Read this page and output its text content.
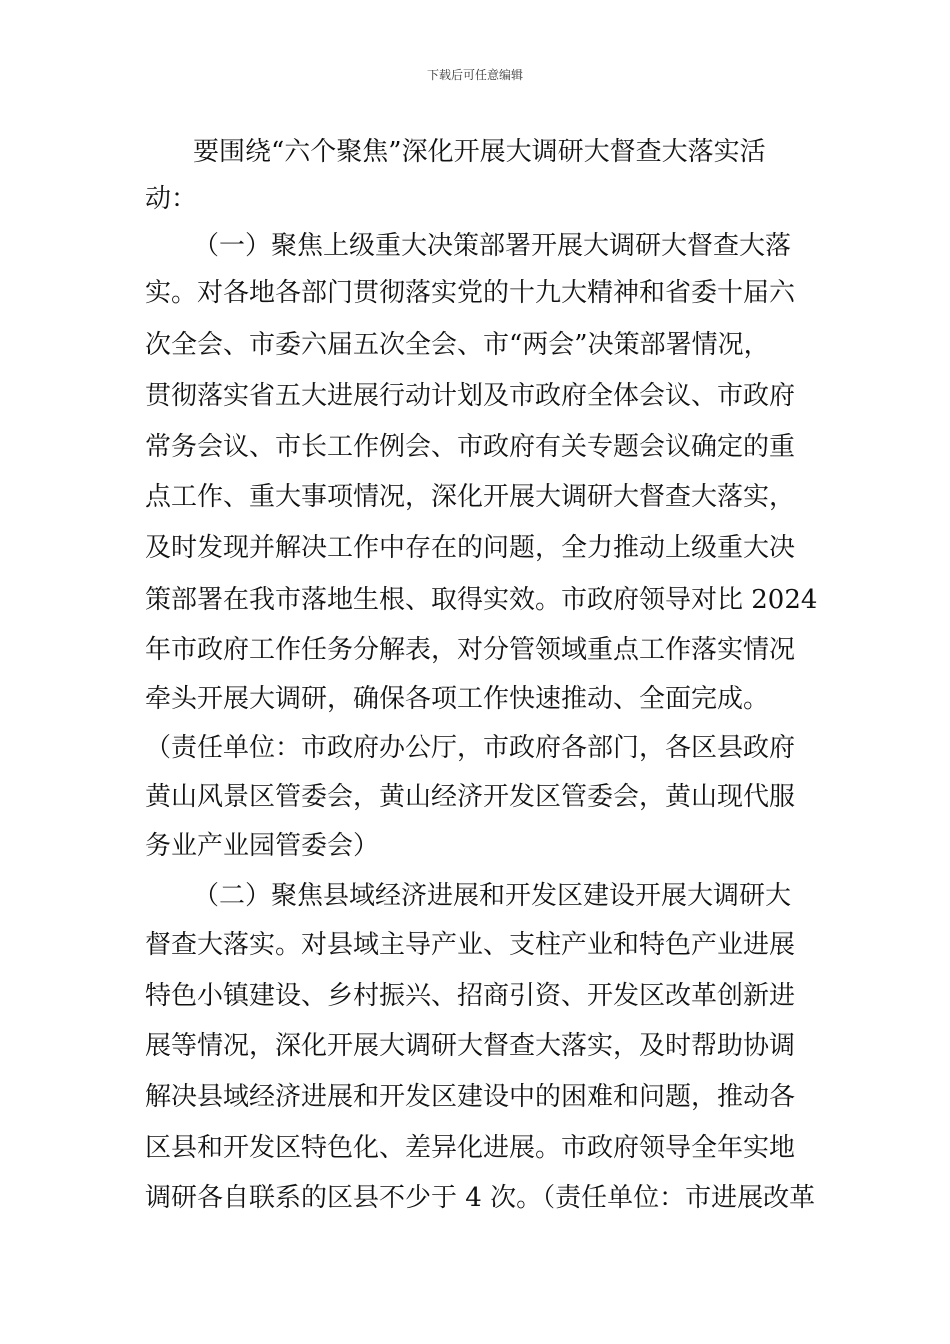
下载后可任意编辑
要围绕“六个聚焦”深化开展大调研大督查大落实活
动：
（一）聚焦上级重大决策部署开展大调研大督查大落
实。对各地各部门贯彻落实党的十九大精神和省委十届六
次全会、市委六届五次全会、市“两会”决策部署情况，
贯彻落实省五大进展行动计划及市政府全体会议、市政府
常务会议、市长工作例会、市政府有关专题会议确定的重
点工作、重大事项情况，深化开展大调研大督查大落实，
及时发现并解决工作中存在的问题，全力推动上级重大决
策部署在我市落地生根、取得实效。市政府领导对比 2024
年市政府工作任务分解表，对分管领域重点工作落实情况
牵头开展大调研，确保各项工作快速推动、全面完成。
（责任单位：市政府办公厅，市政府各部门，各区县政府
黄山风景区管委会，黄山经济开发区管委会，黄山现代服
务业产业园管委会）
（二）聚焦县域经济进展和开发区建设开展大调研大
督查大落实。对县域主导产业、支柱产业和特色产业进展
特色小镇建设、乡村振兴、招商引资、开发区改革创新进
展等情况，深化开展大调研大督查大落实，及时帮助协调
解决县域经济进展和开发区建设中的困难和问题，推动各
区县和开发区特色化、差异化进展。市政府领导全年实地
调研各自联系的区县不少于 4 次。（责任单位：市进展改革
